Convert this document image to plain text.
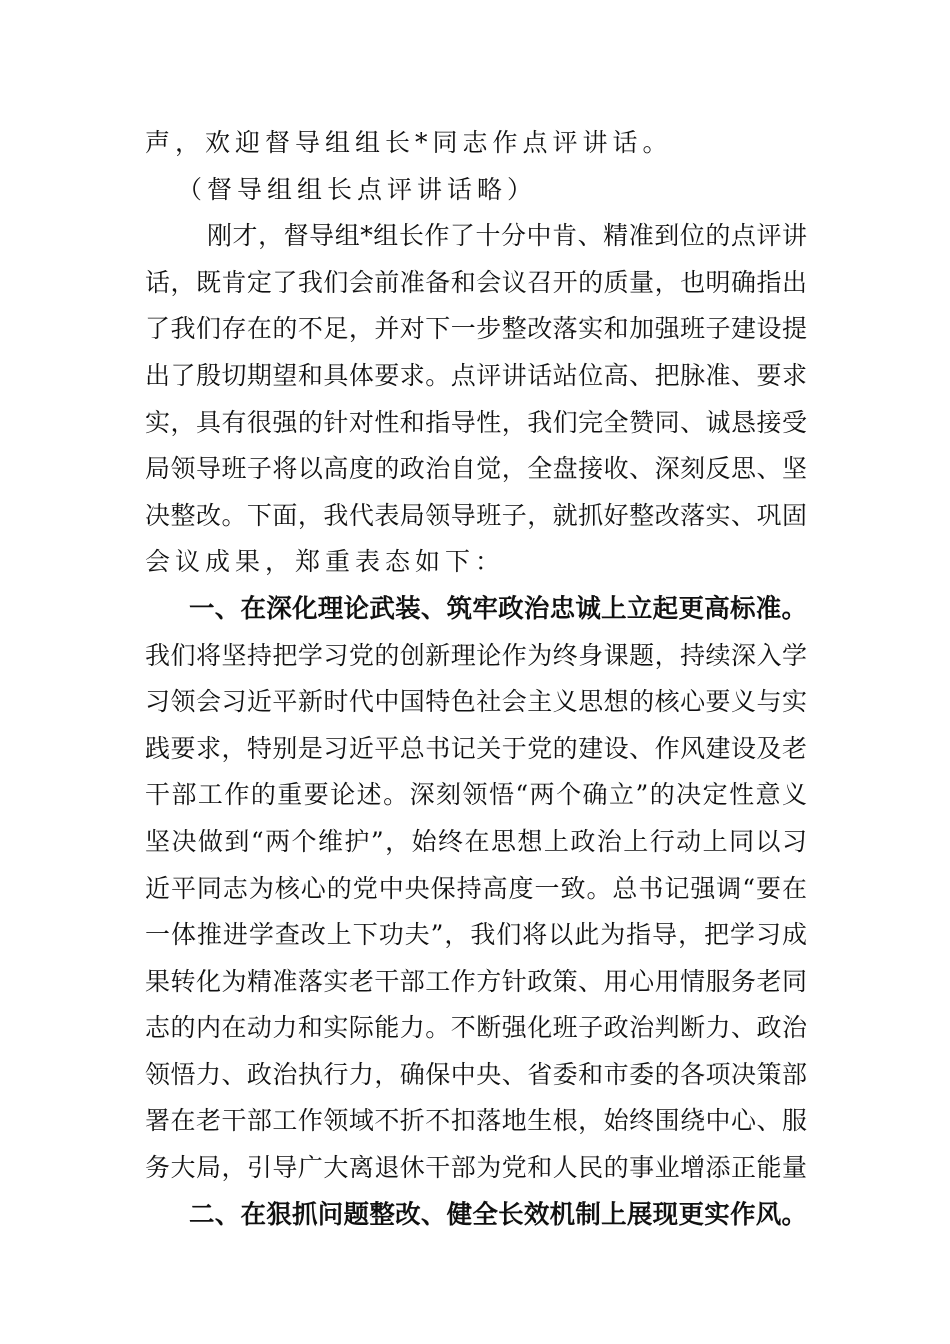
声，欢迎督导组组长*同志作点评讲话。
（督导组组长点评讲话略）
刚才，督导组*组长作了十分中肯、精准到位的点评讲
话，既肯定了我们会前准备和会议召开的质量，也明确指出
了我们存在的不足，并对下一步整改落实和加强班子建设提
出了殷切期望和具体要求。点评讲话站位高、把脉准、要求
实，具有很强的针对性和指导性，我们完全赞同、诚恳接受
局领导班子将以高度的政治自觉，全盘接收、深刻反思、坚
决整改。下面，我代表局领导班子，就抓好整改落实、巩固
会议成果，郑重表态如下：
一、在深化理论武装、筑牢政治忠诚上立起更高标准。
我们将坚持把学习党的创新理论作为终身课题，持续深入学
习领会习近平新时代中国特色社会主义思想的核心要义与实
践要求，特别是习近平总书记关于党的建设、作风建设及老
干部工作的重要论述。深刻领悟“两个确立”的决定性意义
坚决做到“两个维护”，始终在思想上政治上行动上同以习
近平同志为核心的党中央保持高度一致。总书记强调“要在
一体推进学查改上下功夫”，我们将以此为指导，把学习成
果转化为精准落实老干部工作方针政策、用心用情服务老同
志的内在动力和实际能力。不断强化班子政治判断力、政治
领悟力、政治执行力，确保中央、省委和市委的各项决策部
署在老干部工作领域不折不扣落地生根，始终围绕中心、服
务大局，引导广大离退休干部为党和人民的事业增添正能量
二、在狠抓问题整改、健全长效机制上展现更实作风。
